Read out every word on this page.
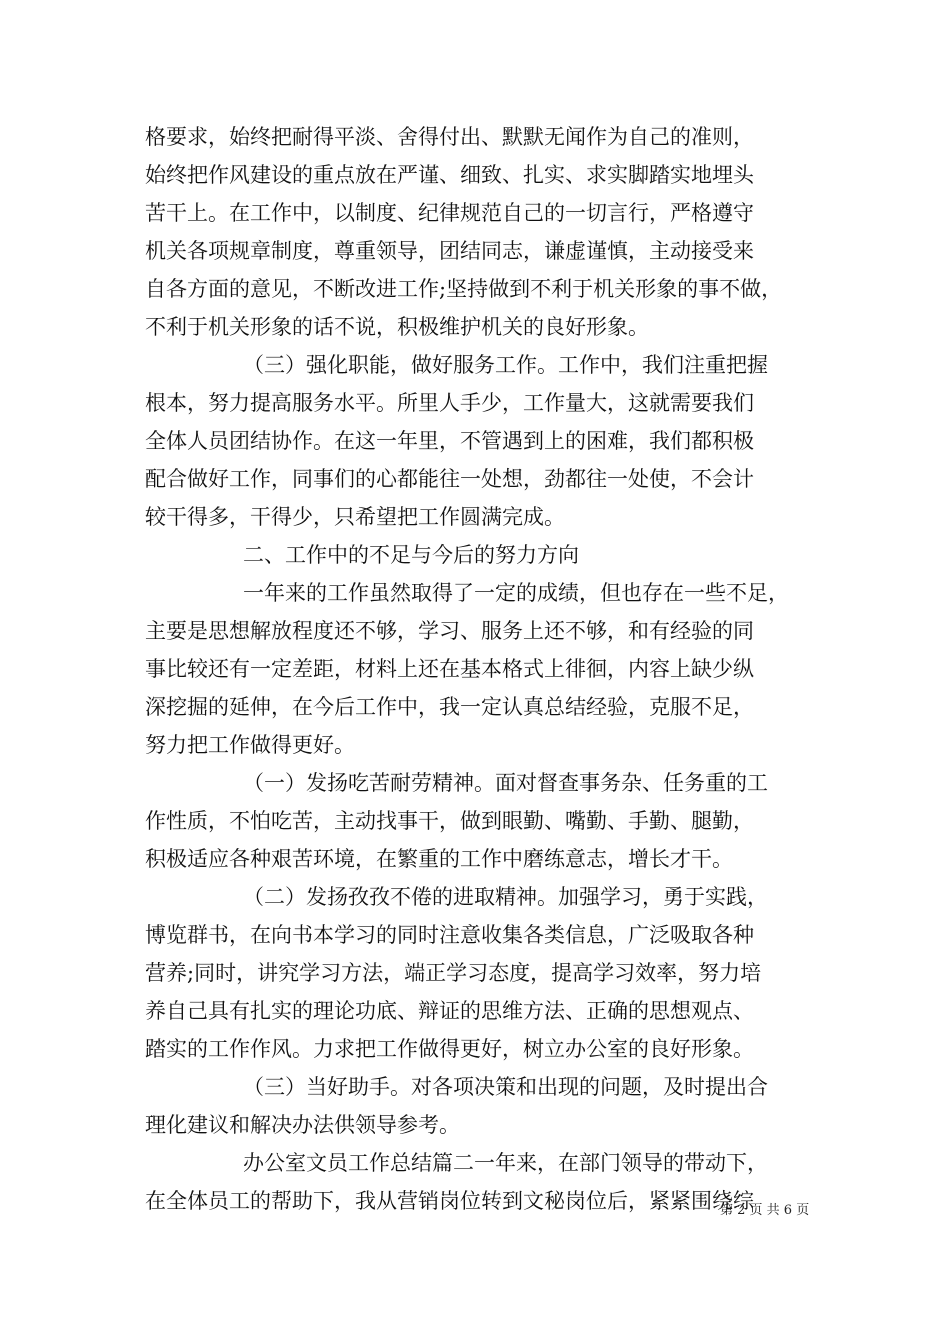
格要求，始终把耐得平淡、舍得付出、默默无闻作为自己的准则，
始终把作风建设的重点放在严谨、细致、扎实、求实脚踏实地埋头
苦干上。在工作中，以制度、纪律规范自己的一切言行，严格遵守
机关各项规章制度，尊重领导，团结同志，谦虚谨慎，主动接受来
自各方面的意见，不断改进工作;坚持做到不利于机关形象的事不做，
不利于机关形象的话不说，积极维护机关的良好形象。
（三）强化职能，做好服务工作。工作中，我们注重把握
根本，努力提高服务水平。所里人手少，工作量大，这就需要我们
全体人员团结协作。在这一年里，不管遇到上的困难，我们都积极
配合做好工作，同事们的心都能往一处想，劲都往一处使，不会计
较干得多，干得少，只希望把工作圆满完成。
二、工作中的不足与今后的努力方向
一年来的工作虽然取得了一定的成绩，但也存在一些不足，
主要是思想解放程度还不够，学习、服务上还不够，和有经验的同
事比较还有一定差距，材料上还在基本格式上徘徊，内容上缺少纵
深挖掘的延伸，在今后工作中，我一定认真总结经验，克服不足，
努力把工作做得更好。
（一）发扬吃苦耐劳精神。面对督查事务杂、任务重的工
作性质，不怕吃苦，主动找事干，做到眼勤、嘴勤、手勤、腿勤，
积极适应各种艰苦环境，在繁重的工作中磨练意志，增长才干。
（二）发扬孜孜不倦的进取精神。加强学习，勇于实践，
博览群书，在向书本学习的同时注意收集各类信息，广泛吸取各种
营养;同时，讲究学习方法，端正学习态度，提高学习效率，努力培
养自己具有扎实的理论功底、辩证的思维方法、正确的思想观点、
踏实的工作作风。力求把工作做得更好，树立办公室的良好形象。
（三）当好助手。对各项决策和出现的问题，及时提出合
理化建议和解决办法供领导参考。
办公室文员工作总结篇二一年来，在部门领导的带动下，
在全体员工的帮助下，我从营销岗位转到文秘岗位后，紧紧围绕综
第 2 页 共 6 页
